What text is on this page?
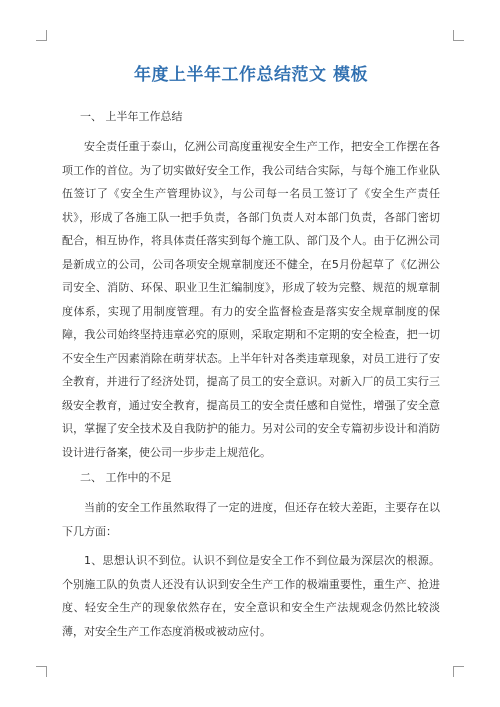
年度上半年工作总结范文 模板
一、 上半年工作总结

安全责任重于泰山，亿洲公司高度重视安全生产工作，把安全工作摆在各项工作的首位。为了切实做好安全工作，我公司结合实际，与每个施工作业队伍签订了《安全生产管理协议》，与公司每一名员工签订了《安全生产责任状》，形成了各施工队一把手负责，各部门负责人对本部门负责，各部门密切配合，相互协作，将具体责任落实到每个施工队、部门及个人。由于亿洲公司是新成立的公司，公司各项安全规章制度还不健全，在5月份起草了《亿洲公司安全、消防、环保、职业卫生汇编制度》，形成了较为完整、规范的规章制度体系，实现了用制度管理。有力的安全监督检查是落实安全规章制度的保障，我公司始终坚持违章必究的原则，采取定期和不定期的安全检查，把一切不安全生产因素消除在萌芽状态。上半年针对各类违章现象，对员工进行了安全教育，并进行了经济处罚，提高了员工的安全意识。对新入厂的员工实行三级安全教育，通过安全教育，提高员工的安全责任感和自觉性，增强了安全意识，掌握了安全技术及自我防护的能力。另对公司的安全专篇初步设计和消防设计进行备案，使公司一步步走上规范化。

二、 工作中的不足

当前的安全工作虽然取得了一定的进度，但还存在较大差距，主要存在以下几方面：

1、思想认识不到位。认识不到位是安全工作不到位最为深层次的根源。个别施工队的负责人还没有认识到安全生产工作的极端重要性，重生产、抢进度、轻安全生产的现象依然存在，安全意识和安全生产法规观念仍然比较淡薄，对安全生产工作态度消极或被动应付。
